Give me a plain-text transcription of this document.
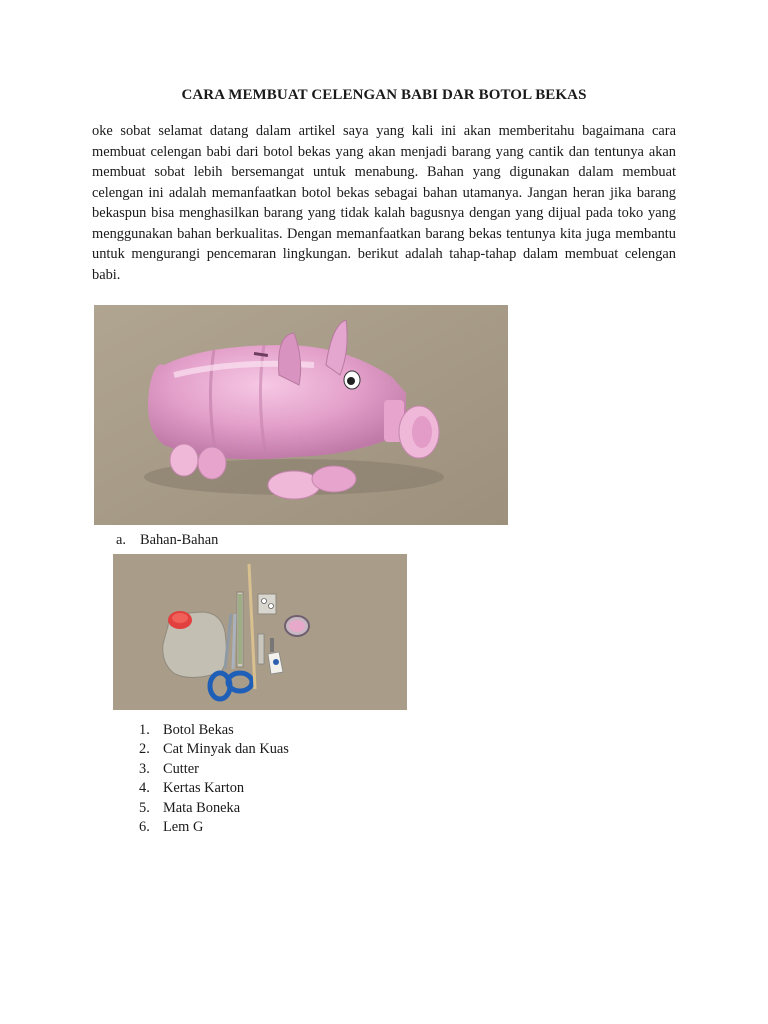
CARA MEMBUAT CELENGAN BABI DAR BOTOL BEKAS

oke sobat selamat datang dalam artikel saya yang kali ini akan memberitahu bagaimana cara membuat celengan babi dari botol bekas yang akan menjadi barang yang cantik dan tentunya akan membuat sobat lebih bersemangat untuk menabung. Bahan yang digunakan dalam membuat celengan ini adalah memanfaatkan botol bekas sebagai bahan utamanya. Jangan heran jika barang bekaspun bisa menghasilkan barang yang tidak kalah bagusnya dengan yang dijual pada toko yang menggunakan bahan berkualitas. Dengan memanfaatkan barang bekas tentunya kita juga membantu untuk mengurangi pencemaran lingkungan. berikut adalah tahap-tahap dalam membuat celengan babi.

a. Bahan-Bahan
1. Botol Bekas
2. Cat Minyak dan Kuas
3. Cutter
4. Kertas Karton
5. Mata Boneka
6. Lem G
